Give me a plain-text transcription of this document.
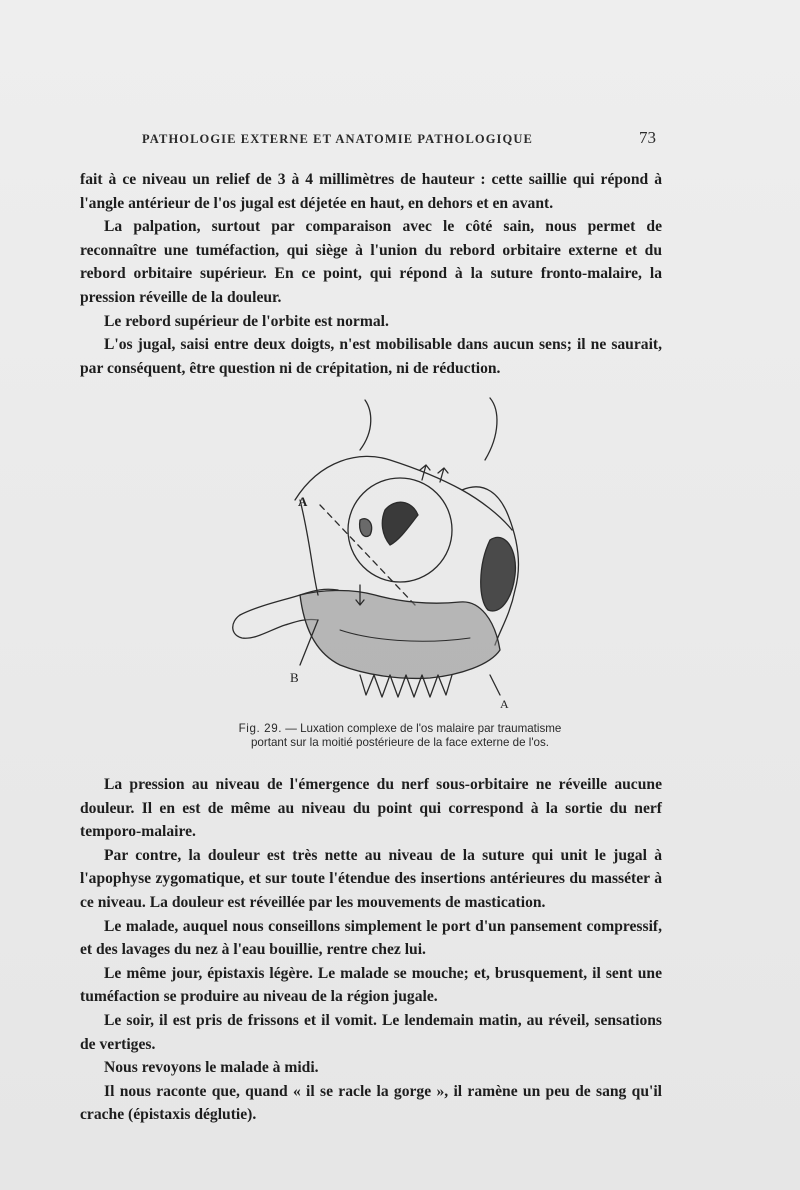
PATHOLOGIE EXTERNE ET ANATOMIE PATHOLOGIQUE	73

fait à ce niveau un relief de 3 à 4 millimètres de hauteur : cette saillie qui répond à l'angle antérieur de l'os jugal est déjetée en haut, en dehors et en avant.

La palpation, surtout par comparaison avec le côté sain, nous permet de reconnaître une tuméfaction, qui siège à l'union du rebord orbitaire externe et du rebord orbitaire supérieur. En ce point, qui répond à la suture fronto-malaire, la pression réveille de la douleur.

Le rebord supérieur de l'orbite est normal.

L'os jugal, saisi entre deux doigts, n'est mobilisable dans aucun sens; il ne saurait, par conséquent, être question ni de crépitation, ni de réduction.

A
B
A
Fig. 29. — Luxation complexe de l'os malaire par traumatisme
portant sur la moitié postérieure de la face externe de l'os.

La pression au niveau de l'émergence du nerf sous-orbitaire ne réveille aucune douleur. Il en est de même au niveau du point qui correspond à la sortie du nerf temporo-malaire.

Par contre, la douleur est très nette au niveau de la suture qui unit le jugal à l'apophyse zygomatique, et sur toute l'étendue des insertions antérieures du masséter à ce niveau. La douleur est réveillée par les mouvements de mastication.

Le malade, auquel nous conseillons simplement le port d'un pansement compressif, et des lavages du nez à l'eau bouillie, rentre chez lui.

Le même jour, épistaxis légère. Le malade se mouche; et, brusquement, il sent une tuméfaction se produire au niveau de la région jugale.

Le soir, il est pris de frissons et il vomit. Le lendemain matin, au réveil, sensations de vertiges.

Nous revoyons le malade à midi.

Il nous raconte que, quand « il se racle la gorge », il ramène un peu de sang qu'il crache (épistaxis déglutie).
